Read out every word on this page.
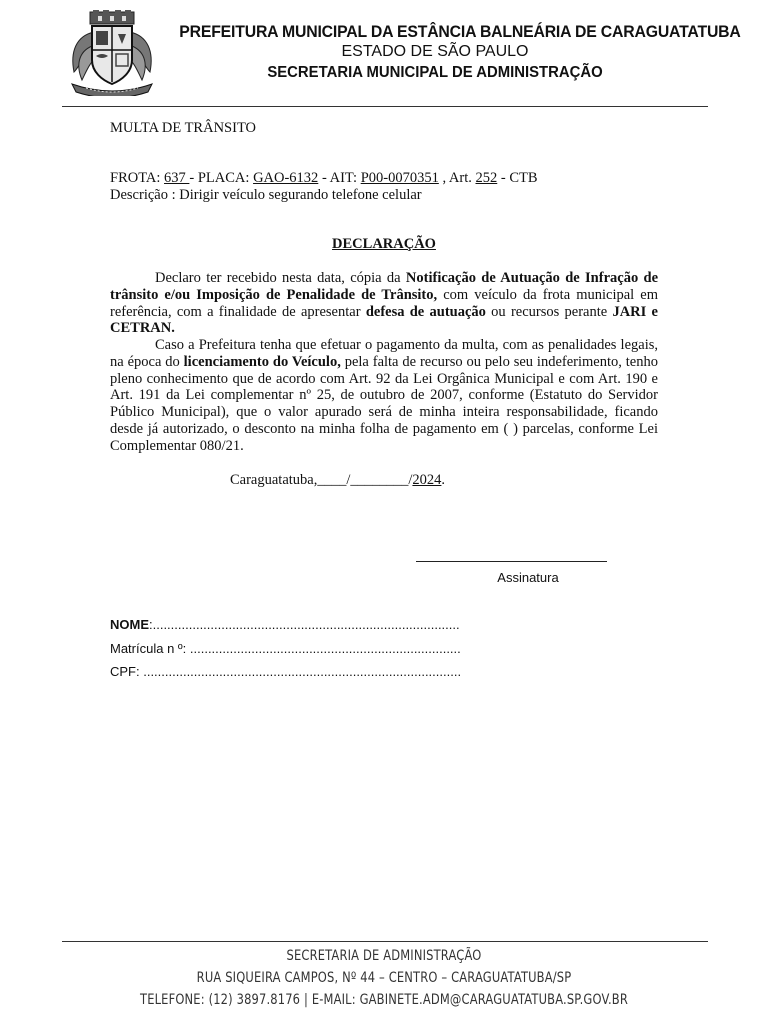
PREFEITURA MUNICIPAL DA ESTÂNCIA BALNEÁRIA DE CARAGUATATUBA
ESTADO DE SÃO PAULO
SECRETARIA MUNICIPAL DE ADMINISTRAÇÃO
MULTA DE TRÂNSITO
FROTA: 637 - PLACA: GAO-6132 - AIT: P00-0070351 , Art. 252 - CTB
Descrição : Dirigir veículo segurando telefone celular
DECLARAÇÃO
Declaro ter recebido nesta data, cópia da Notificação de Autuação de Infração de trânsito e/ou Imposição de Penalidade de Trânsito, com veículo da frota municipal em referência, com a finalidade de apresentar defesa de autuação ou recursos perante JARI e CETRAN.
Caso a Prefeitura tenha que efetuar o pagamento da multa, com as penalidades legais, na época do licenciamento do Veículo, pela falta de recurso ou pelo seu indeferimento, tenho pleno conhecimento que de acordo com Art. 92 da Lei Orgânica Municipal e com Art. 190 e Art. 191 da Lei complementar nº 25, de outubro de 2007, conforme (Estatuto do Servidor Público Municipal), que o valor apurado será de minha inteira responsabilidade, ficando desde já autorizado, o desconto na minha folha de pagamento em ( ) parcelas, conforme Lei Complementar 080/21.
Caraguatatuba,____/________/2024.
Assinatura
NOME:.....................................................................................
Matrícula n º: ...........................................................................
CPF: ........................................................................................
SECRETARIA DE ADMINISTRAÇÃO
RUA SIQUEIRA CAMPOS, Nº 44 – CENTRO – CARAGUATATUBA/SP
TELEFONE: (12) 3897.8176 | E-MAIL: GABINETE.ADM@CARAGUATATUBA.SP.GOV.BR
